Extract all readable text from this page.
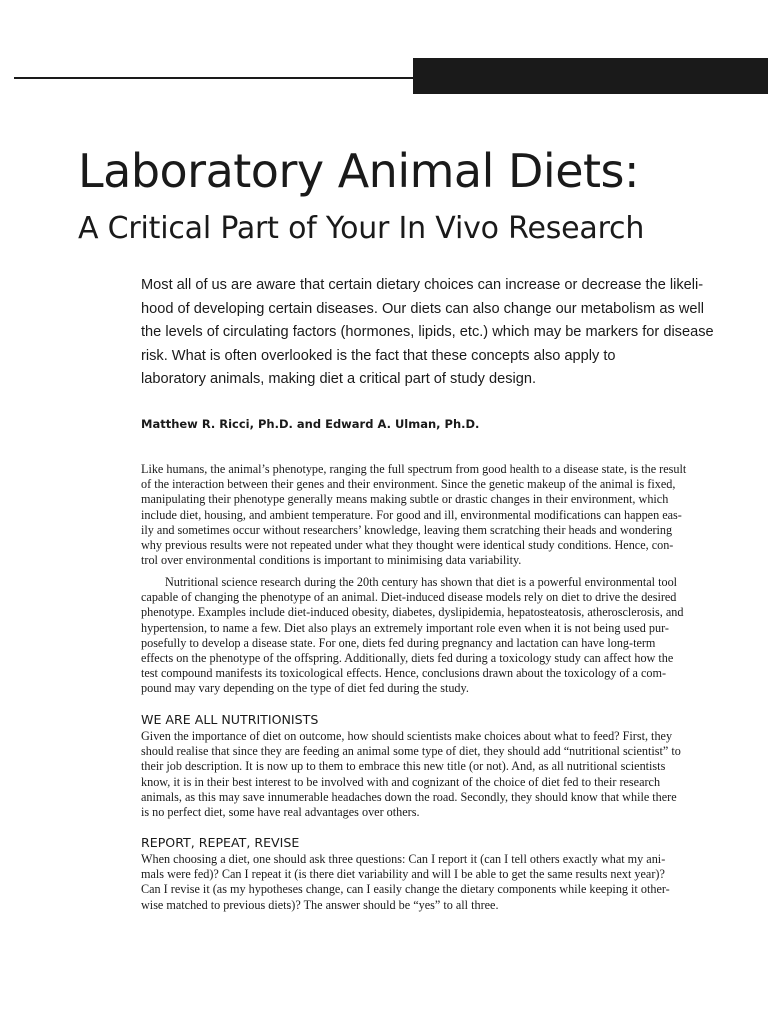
Laboratory Animal Diets:
A Critical Part of Your In Vivo Research

Most all of us are aware that certain dietary choices can increase or decrease the likeli-
hood of developing certain diseases. Our diets can also change our metabolism as well
the levels of circulating factors (hormones, lipids, etc.) which may be markers for disease
risk. What is often overlooked is the fact that these concepts also apply to
laboratory animals, making diet a critical part of study design.

Matthew R. Ricci, Ph.D. and Edward A. Ulman, Ph.D.

Like humans, the animal’s phenotype, ranging the full spectrum from good health to a disease state, is the result
of the interaction between their genes and their environment. Since the genetic makeup of the animal is fixed,
manipulating their phenotype generally means making subtle or drastic changes in their environment, which
include diet, housing, and ambient temperature. For good and ill, environmental modifications can happen eas-
ily and sometimes occur without researchers’ knowledge, leaving them scratching their heads and wondering
why previous results were not repeated under what they thought were identical study conditions. Hence, con-
trol over environmental conditions is important to minimising data variability.

Nutritional science research during the 20th century has shown that diet is a powerful environmental tool
capable of changing the phenotype of an animal. Diet-induced disease models rely on diet to drive the desired
phenotype. Examples include diet-induced obesity, diabetes, dyslipidemia, hepatosteatosis, atherosclerosis, and
hypertension, to name a few. Diet also plays an extremely important role even when it is not being used pur-
posefully to develop a disease state. For one, diets fed during pregnancy and lactation can have long-term
effects on the phenotype of the offspring. Additionally, diets fed during a toxicology study can affect how the
test compound manifests its toxicological effects. Hence, conclusions drawn about the toxicology of a com-
pound may vary depending on the type of diet fed during the study.

WE ARE ALL NUTRITIONISTS

Given the importance of diet on outcome, how should scientists make choices about what to feed? First, they
should realise that since they are feeding an animal some type of diet, they should add “nutritional scientist” to
their job description. It is now up to them to embrace this new title (or not). And, as all nutritional scientists
know, it is in their best interest to be involved with and cognizant of the choice of diet fed to their research
animals, as this may save innumerable headaches down the road. Secondly, they should know that while there
is no perfect diet, some have real advantages over others.

REPORT, REPEAT, REVISE

When choosing a diet, one should ask three questions: Can I report it (can I tell others exactly what my ani-
mals were fed)? Can I repeat it (is there diet variability and will I be able to get the same results next year)?
Can I revise it (as my hypotheses change, can I easily change the dietary components while keeping it other-
wise matched to previous diets)? The answer should be “yes” to all three.
